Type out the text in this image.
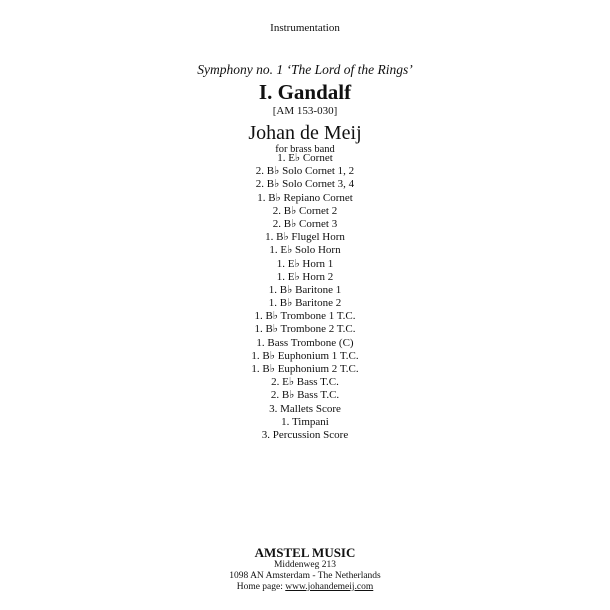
Instrumentation
Symphony no. 1 ‘The Lord of the Rings’
I. Gandalf
[AM 153-030]
Johan de Meij
for brass band
1. E♭ Cornet
2. B♭ Solo Cornet 1, 2
2. B♭ Solo Cornet 3, 4
1. B♭ Repiano Cornet
2. B♭ Cornet 2
2. B♭ Cornet 3
1. B♭ Flugel Horn
1. E♭ Solo Horn
1. E♭ Horn 1
1. E♭ Horn 2
1. B♭ Baritone 1
1. B♭ Baritone 2
1. B♭ Trombone 1 T.C.
1. B♭ Trombone 2 T.C.
1. Bass Trombone (C)
1. B♭ Euphonium 1 T.C.
1. B♭ Euphonium 2 T.C.
2. E♭ Bass T.C.
2. B♭ Bass T.C.
3. Mallets Score
1. Timpani
3. Percussion Score
AMSTEL MUSIC
Middenweg 213
1098 AN Amsterdam - The Netherlands
Home page: www.johandemeij.com
